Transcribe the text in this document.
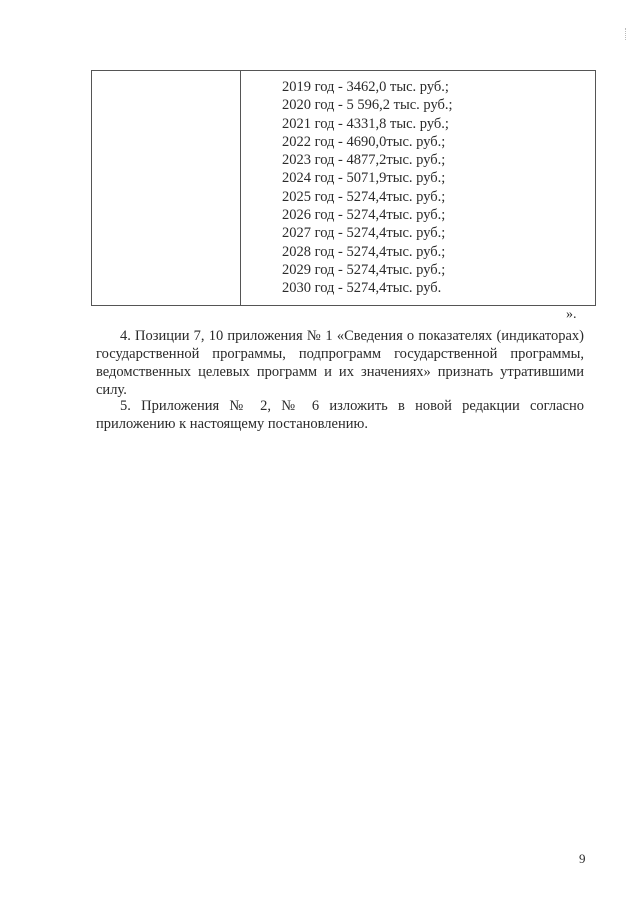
2019 год - 3462,0 тыс. руб.;
2020 год - 5 596,2 тыс. руб.;
2021 год - 4331,8 тыс. руб.;
2022 год - 4690,0тыс. руб.;
2023 год - 4877,2тыс. руб.;
2024 год - 5071,9тыс. руб.;
2025 год - 5274,4тыс. руб.;
2026 год - 5274,4тыс. руб.;
2027 год - 5274,4тыс. руб.;
2028 год - 5274,4тыс. руб.;
2029 год - 5274,4тыс. руб.;
2030 год - 5274,4тыс. руб.
».

4. Позиции 7, 10 приложения № 1 «Сведения о показателях (индикаторах) государственной программы, подпрограмм государственной программы, ведомственных целевых программ и их значениях» признать утратившими силу.

5. Приложения № 2, № 6 изложить в новой редакции согласно приложению к настоящему постановлению.

9
